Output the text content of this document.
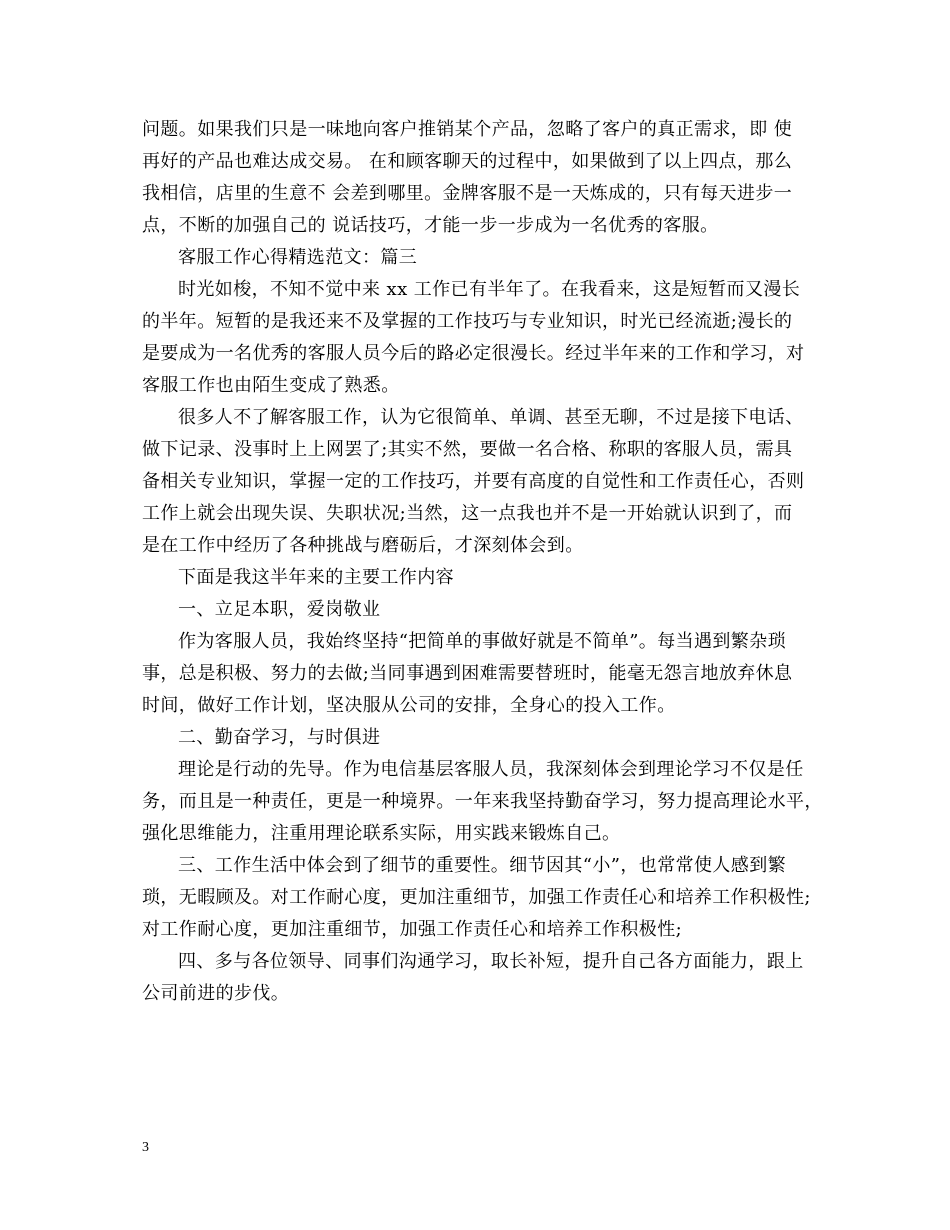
问题。如果我们只是一味地向客户推销某个产品，忽略了客户的真正需求，即 使
再好的产品也难达成交易。 在和顾客聊天的过程中，如果做到了以上四点，那么
我相信，店里的生意不 会差到哪里。金牌客服不是一天炼成的，只有每天进步一
点，不断的加强自己的 说话技巧，才能一步一步成为一名优秀的客服。
客服工作心得精选范文：篇三
时光如梭，不知不觉中来 xx 工作已有半年了。在我看来，这是短暂而又漫长
的半年。短暂的是我还来不及掌握的工作技巧与专业知识，时光已经流逝;漫长的
是要成为一名优秀的客服人员今后的路必定很漫长。经过半年来的工作和学习，对
客服工作也由陌生变成了熟悉。
很多人不了解客服工作，认为它很简单、单调、甚至无聊，不过是接下电话、
做下记录、没事时上上网罢了;其实不然，要做一名合格、称职的客服人员，需具
备相关专业知识，掌握一定的工作技巧，并要有高度的自觉性和工作责任心，否则
工作上就会出现失误、失职状况;当然，这一点我也并不是一开始就认识到了，而
是在工作中经历了各种挑战与磨砺后，才深刻体会到。
下面是我这半年来的主要工作内容
一、立足本职，爱岗敬业
作为客服人员，我始终坚持“把简单的事做好就是不简单”。每当遇到繁杂琐
事，总是积极、努力的去做;当同事遇到困难需要替班时，能毫无怨言地放弃休息
时间，做好工作计划，坚决服从公司的安排，全身心的投入工作。
二、勤奋学习，与时俱进
理论是行动的先导。作为电信基层客服人员，我深刻体会到理论学习不仅是任
务，而且是一种责任，更是一种境界。一年来我坚持勤奋学习，努力提高理论水平，
强化思维能力，注重用理论联系实际，用实践来锻炼自己。
三、工作生活中体会到了细节的重要性。细节因其“小”，也常常使人感到繁
琐，无暇顾及。对工作耐心度，更加注重细节，加强工作责任心和培养工作积极性;
对工作耐心度，更加注重细节，加强工作责任心和培养工作积极性;
四、多与各位领导、同事们沟通学习，取长补短，提升自己各方面能力，跟上
公司前进的步伐。
3
